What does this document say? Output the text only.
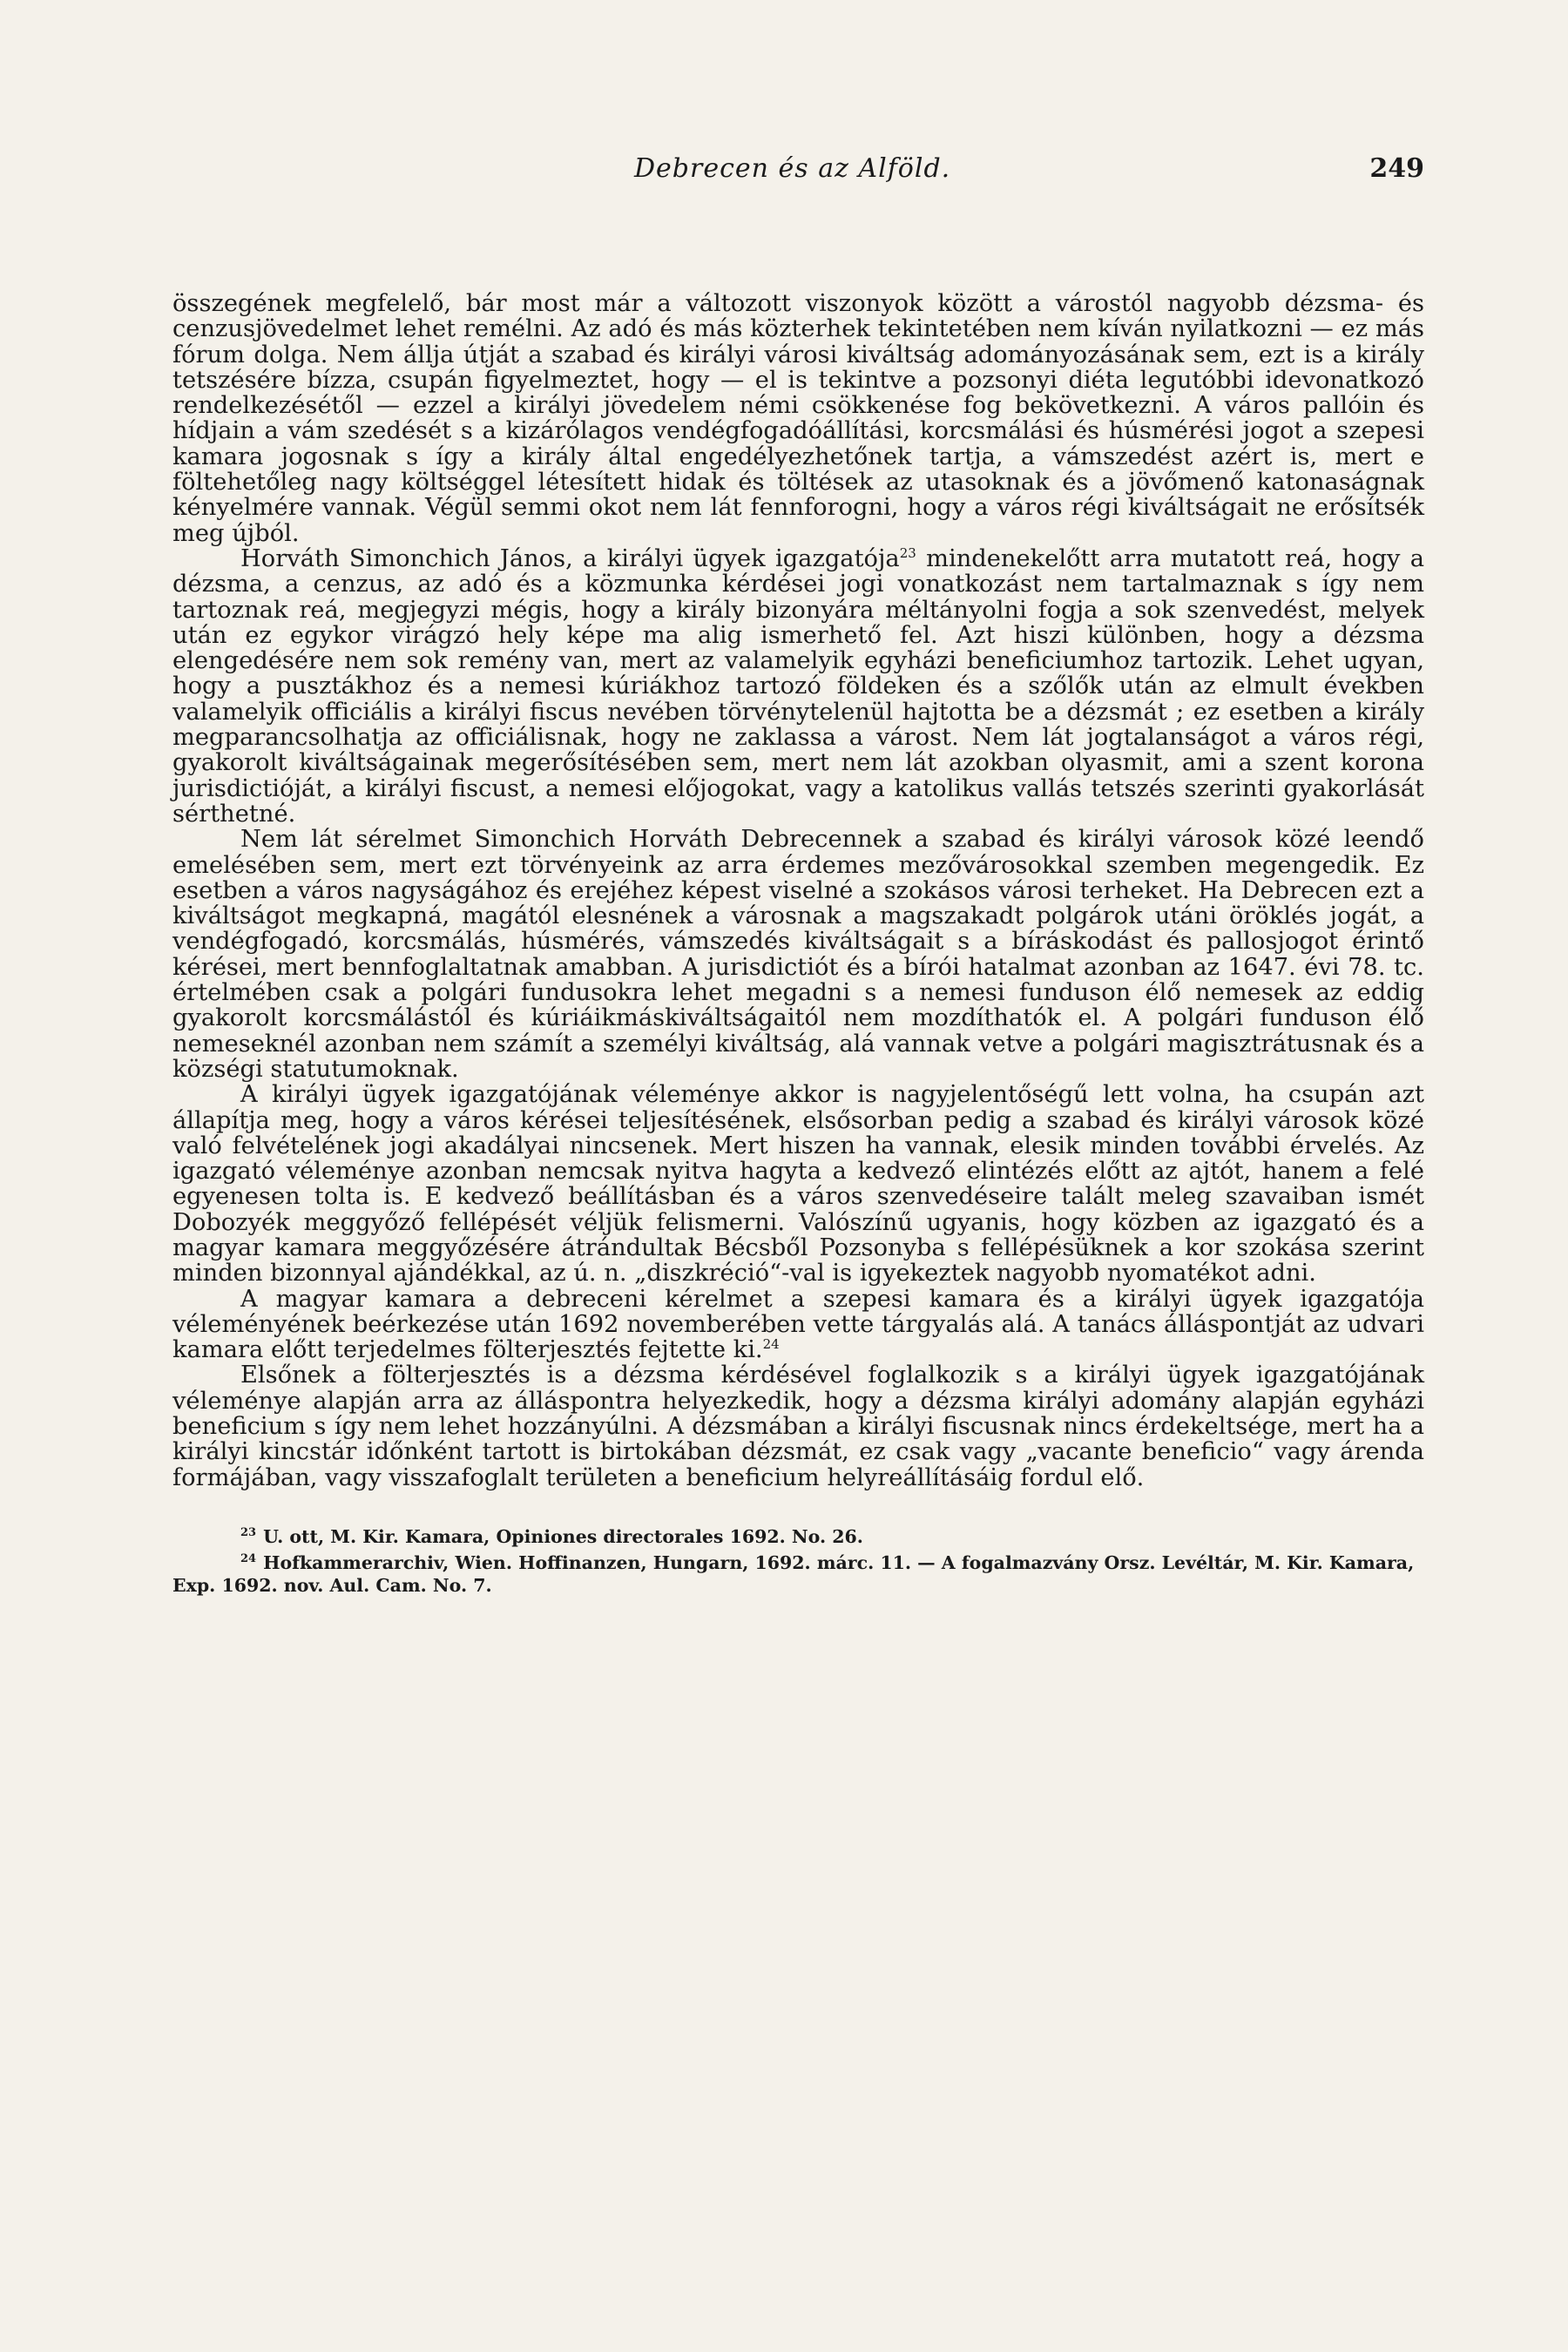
Debrecen és az Alföld.	249

összegének megfelelő, bár most már a változott viszonyok között a várostól nagyobb dézsma- és cenzusjövedelmet lehet remélni. Az adó és más közterhek tekintetében nem kíván nyilatkozni — ez más fórum dolga. Nem állja útját a szabad és királyi városi kiváltság adományozásának sem, ezt is a király tetszésére bízza, csupán figyelmeztet, hogy — el is tekintve a pozsonyi diéta legutóbbi idevonatkozó rendelkezésétől — ezzel a királyi jövedelem némi csökkenése fog bekövetkezni. A város pallóin és hídjain a vám szedését s a kizárólagos vendégfogadóállítási, korcsmálási és húsmérési jogot a szepesi kamara jogosnak s így a király által engedélyezhetőnek tartja, a vámszedést azért is, mert e föltehetőleg nagy költséggel létesített hidak és töltések az utasoknak és a jövőmenő katonaságnak kényelmére vannak. Végül semmi okot nem lát fennforogni, hogy a város régi kiváltságait ne erősítsék meg újból.

Horváth Simonchich János, a királyi ügyek igazgatója$^{23}$ mindenekelőtt arra mutatott reá, hogy a dézsma, a cenzus, az adó és a közmunka kérdései jogi vonatkozást nem tartalmaznak s így nem tartoznak reá, megjegyzi mégis, hogy a király bizonyára méltányolni fogja a sok szenvedést, melyek után ez egykor virágzó hely képe ma alig ismerhető fel. Azt hiszi különben, hogy a dézsma elengedésére nem sok remény van, mert az valamelyik egyházi beneficiumhoz tartozik. Lehet ugyan, hogy a pusztákhoz és a nemesi kúriákhoz tartozó földeken és a szőlők után az elmult években valamelyik officiális a királyi fiscus nevében törvénytelenül hajtotta be a dézsmát ; ez esetben a király megparancsolhatja az officiálisnak, hogy ne zaklassa a várost. Nem lát jogtalanságot a város régi, gyakorolt kiváltságainak megerősítésében sem, mert nem lát azokban olyasmit, ami a szent korona jurisdictióját, a királyi fiscust, a nemesi előjogokat, vagy a katolikus vallás tetszés szerinti gyakorlását sérthetné.

Nem lát sérelmet Simonchich Horváth Debrecennek a szabad és királyi városok közé leendő emelésében sem, mert ezt törvényeink az arra érdemes mezővárosokkal szemben megengedik. Ez esetben a város nagyságához és erejéhez képest viselné a szokásos városi terheket. Ha Debrecen ezt a kiváltságot megkapná, magától elesnének a városnak a magszakadt polgárok utáni öröklés jogát, a vendégfogadó, korcsmálás, húsmérés, vámszedés kiváltságait s a bíráskodást és pallosjogot érintő kérései, mert bennfoglaltatnak amabban. A jurisdictiót és a bírói hatalmat azonban az 1647. évi 78. tc. értelmében csak a polgári fundusokra lehet megadni s a nemesi funduson élő nemesek az eddig gyakorolt korcsmálástól és kúriáikmáskiváltságaitól nem mozdíthatók el. A polgári funduson élő nemeseknél azonban nem számít a személyi kiváltság, alá vannak vetve a polgári magisztrátusnak és a községi statutumoknak.

A királyi ügyek igazgatójának véleménye akkor is nagyjelentőségű lett volna, ha csupán azt állapítja meg, hogy a város kérései teljesítésének, elsősorban pedig a szabad és királyi városok közé való felvételének jogi akadályai nincsenek. Mert hiszen ha vannak, elesik minden további érvelés. Az igazgató véleménye azonban nemcsak nyitva hagyta a kedvező elintézés előtt az ajtót, hanem a felé egyenesen tolta is. E kedvező beállításban és a város szenvedéseire talált meleg szavaiban ismét Dobozyék meggyőző fellépését véljük felismerni. Valószínű ugyanis, hogy közben az igazgató és a magyar kamara meggyőzésére átrándultak Bécsből Pozsonyba s fellépésüknek a kor szokása szerint minden bizonnyal ajándékkal, az ú. n. „diszkréció“-val is igyekeztek nagyobb nyomatékot adni.

A magyar kamara a debreceni kérelmet a szepesi kamara és a királyi ügyek igazgatója véleményének beérkezése után 1692 novemberében vette tárgyalás alá. A tanács álláspontját az udvari kamara előtt terjedelmes fölterjesztés fejtette ki.$^{24}$

Elsőnek a fölterjesztés is a dézsma kérdésével foglalkozik s a királyi ügyek igazgatójának véleménye alapján arra az álláspontra helyezkedik, hogy a dézsma királyi adomány alapján egyházi beneficium s így nem lehet hozzányúlni. A dézsmában a királyi fiscusnak nincs érdekeltsége, mert ha a királyi kincstár időnként tartott is birtokában dézsmát, ez csak vagy „vacante beneficio“ vagy árenda formájában, vagy visszafoglalt területen a beneficium helyreállításáig fordul elő.

$^{23}$ U. ott, M. Kir. Kamara, Opiniones directorales 1692. No. 26.
$^{24}$ Hofkammerarchiv, Wien. Hoffinanzen, Hungarn, 1692. márc. 11. — A fogalmazvány Orsz. Levéltár, M. Kir. Kamara, Exp. 1692. nov. Aul. Cam. No. 7.
